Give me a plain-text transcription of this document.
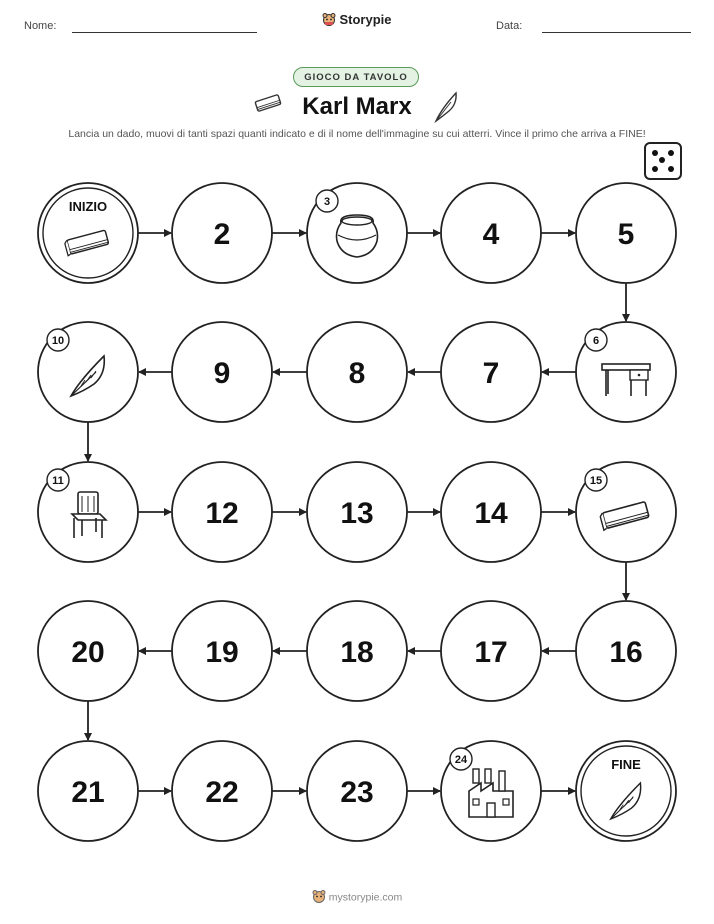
Nome:	Storypie	Data:
GIOCO DA TAVOLO
Karl Marx
Lancia un dado, muovi di tanti spazi quanti indicato e di il nome dell'immagine su cui atterri. Vince il primo che arriva a FINE!
INIZIO
2
3
4	5
6
7
8
9
10
11
12	13	14
15
16
17
18
19
20
21	22	23
24	FINE
mystorypie.com
